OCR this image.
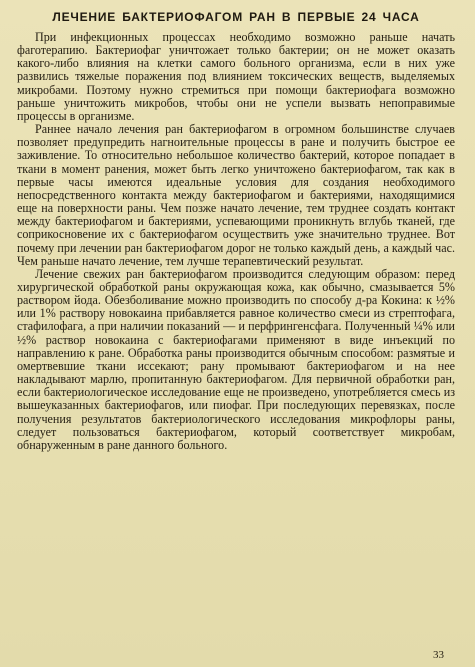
ЛЕЧЕНИЕ БАКТЕРИОФАГОМ РАН В ПЕРВЫЕ 24 ЧАСА

При инфекционных процессах необходимо возможно раньше начать фаготерапию. Бактериофаг уничтожает только бактерии; он не может оказать какого-либо влияния на клетки самого больного организма, если в них уже развились тяжелые поражения под влиянием токсических веществ, выделяемых микробами. Поэтому нужно стремиться при помощи бактериофага возможно раньше уничтожить микробов, чтобы они не успели вызвать непоправимые процессы в организме.

Раннее начало лечения ран бактериофагом в огромном большинстве случаев позволяет предупредить нагноительные процессы в ране и получить быстрое ее заживление. То относительно небольшое количество бактерий, которое попадает в ткани в момент ранения, может быть легко уничтожено бактериофагом, так как в первые часы имеются идеальные условия для создания необходимого непосредственного контакта между бактериофагом и бактериями, находящимися еще на поверхности раны. Чем позже начато лечение, тем труднее создать контакт между бактериофагом и бактериями, успевающими проникнуть вглубь тканей, где соприкосновение их с бактериофагом осуществить уже значительно труднее. Вот почему при лечении ран бактериофагом дорог не только каждый день, а каждый час. Чем раньше начато лечение, тем лучше терапевтический результат.

Лечение свежих ран бактериофагом производится следующим образом: перед хирургической обработкой раны окружающая кожа, как обычно, смазывается 5% раствором йода. Обезболивание можно производить по способу д-ра Кокина: к ½% или 1% раствору новокаина прибавляется равное количество смеси из стрептофага, стафилофага, а при наличии показаний — и перфрингенсфага. Полученный ¼% или ½% раствор новокаина с бактериофагами применяют в виде инъекций по направлению к ране. Обработка раны производится обычным способом: размятые и омертвевшие ткани иссекают; рану промывают бактериофагом и на нее накладывают марлю, пропитанную бактериофагом. Для первичной обработки ран, если бактериологическое исследование еще не произведено, употребляется смесь из вышеуказанных бактериофагов, или пиофаг. При последующих перевязках, после получения результатов бактериологического исследования микрофлоры раны, следует пользоваться бактериофагом, который соответствует микробам, обнаруженным в ране данного больного.

33
